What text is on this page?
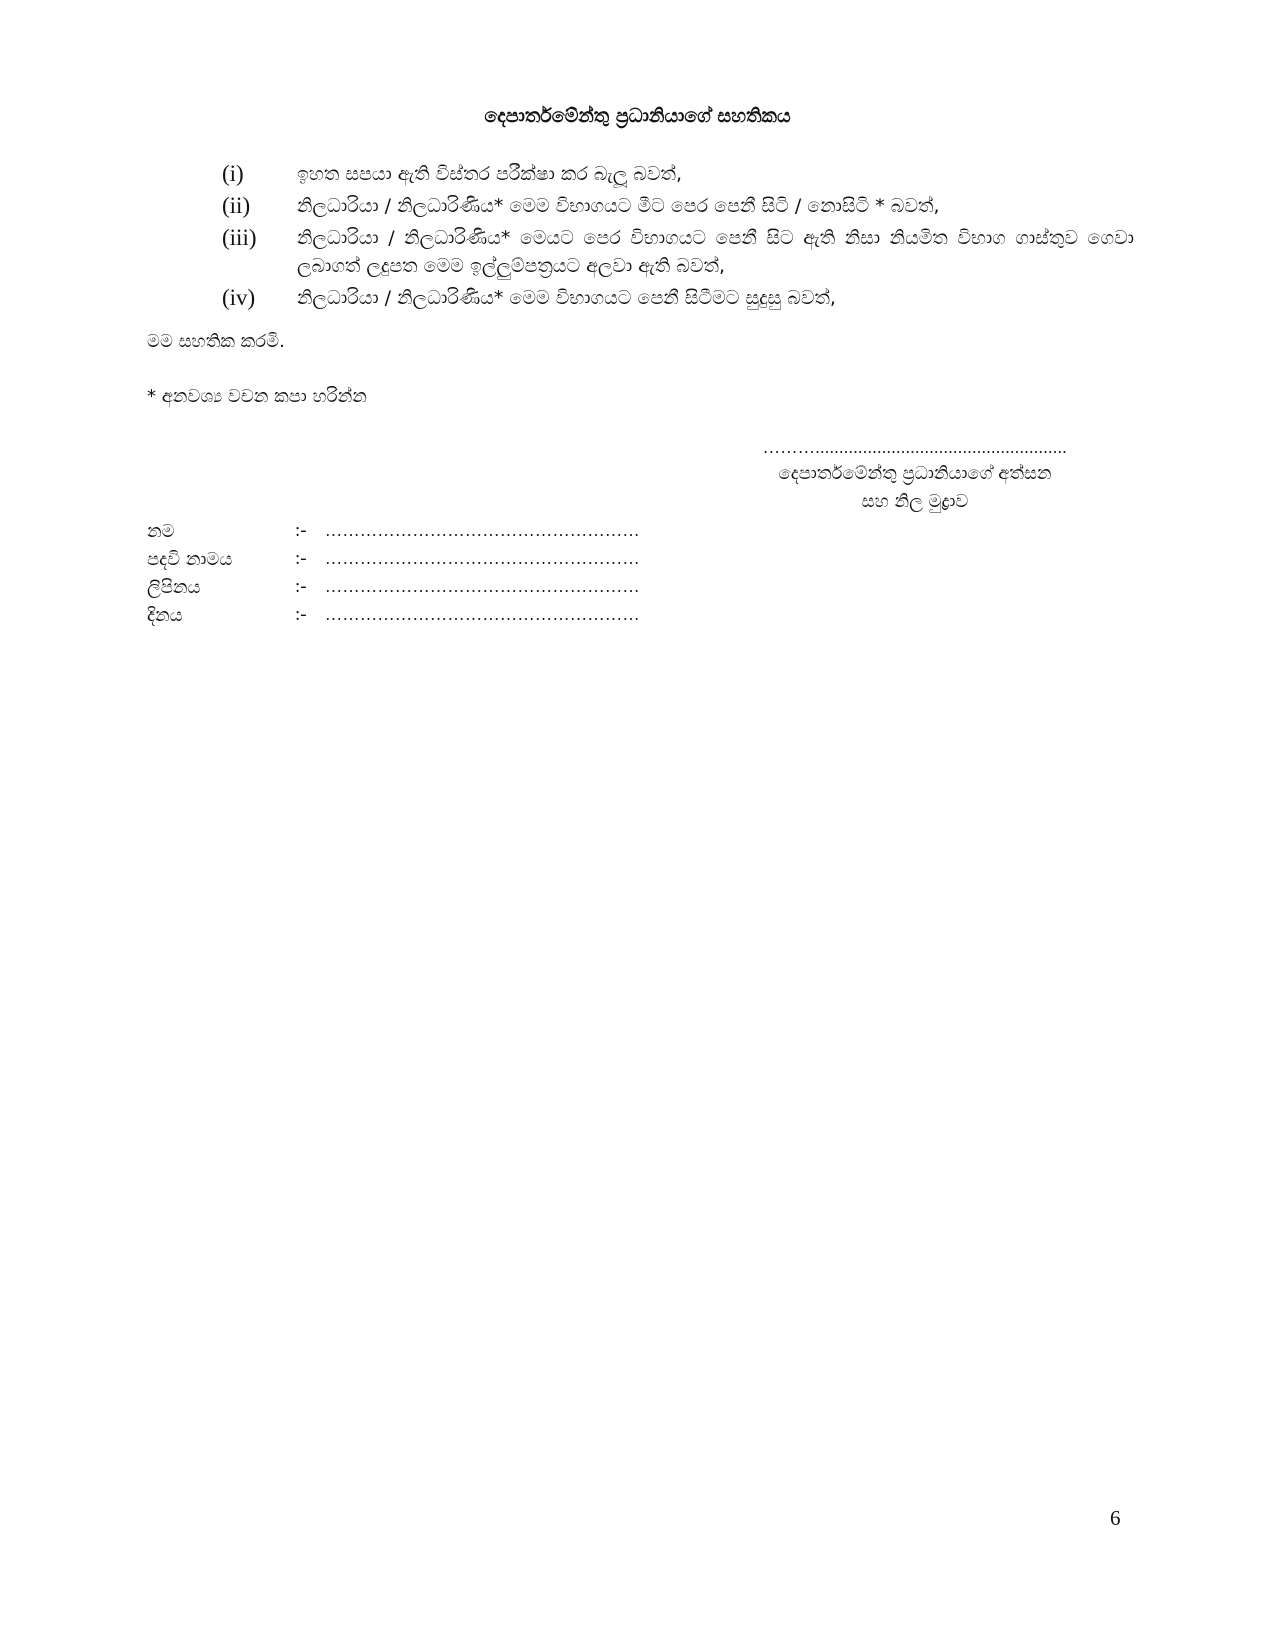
දෙපාර්තමේන්තු ප්‍රධානියාගේ සහතිකය
(i)	ඉහත සපයා ඇති විස්තර පරීක්ෂා කර බැලූ බවත්,
(ii)	නිලධාරියා / නිලධාරිණිය* මෙම විභාගයට මීට පෙර පෙනී සිටි / නොසිටි * බවත්,
(iii)	නිලධාරියා / නිලධාරිණිය* මෙයට පෙර විභාගයට පෙනී සිට ඇති නිසා නියමිත විභාග ගාස්තුව ගෙවා ලබාගත් ලදුපත මෙම ඉල්ලුම්පත්‍රයට අලවා ඇති බවත්,
(iv)	නිලධාරියා / නිලධාරිණිය* මෙම විභාගයට පෙනී සිටීමට සුදුසු බවත්,
මම සහතික කරමි.
* අනවශ්‍ය වචන කපා හරින්න
……….....................................................
දෙපාර්තමේන්තු ප්‍රධානියාගේ අත්සන
සහ නිල මුද්‍රාව
නම	:-	………………………………………………
පදවි නාමය	:-	………………………………………………
ලිපිනය	:-	………………………………………………
දිනය	:-	………………………………………………
6
